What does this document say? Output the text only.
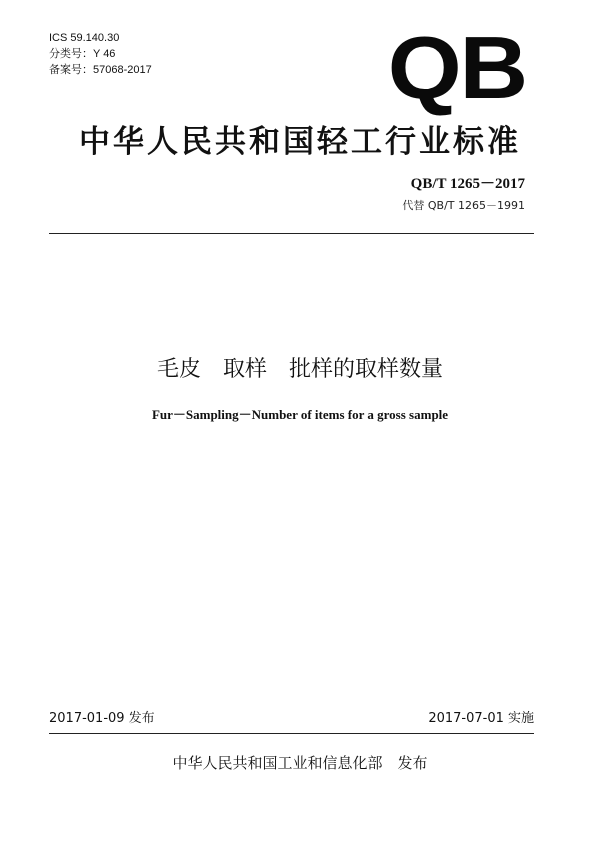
ICS 59.140.30
分类号：Y 46
备案号：57068-2017	QB
中华人民共和国轻工行业标准
QB/T 1265－2017
代替 QB/T 1265－1991
毛皮　取样　批样的取样数量
Fur－Sampling－Number of items for a gross sample
2017-01-09 发布	2017-07-01 实施
中华人民共和国工业和信息化部　发布
